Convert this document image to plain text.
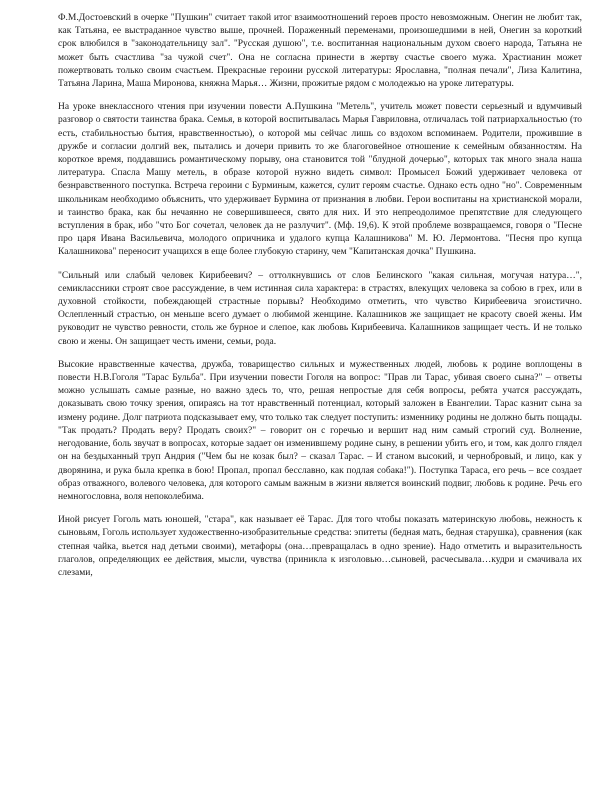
Ф.М.Достоевский в очерке "Пушкин" считает такой итог взаимоотношений героев просто невозможным. Онегин не любит так, как Татьяна, ее выстраданное чувство выше, прочней. Пораженный переменами, произошедшими в ней, Онегин за короткий срок влюбился в "законодательницу зал". "Русская душою", т.е. воспитанная национальным духом своего народа, Татьяна не может быть счастлива "за чужой счет". Она не согласна принести в жертву счастье своего мужа. Храстианин может пожертвовать только своим счастьем. Прекрасные героини русской литературы: Ярославна, "полная печали", Лиза Калитина, Татьяна Ларина, Маша Миронова, княжна Марья… Жизни, прожитые рядом с молодежью на уроке литературы.

На уроке внеклассного чтения при изучении повести А.Пушкина "Метель", учитель может повести серьезный и вдумчивый разговор о святости таинства брака. Семья, в которой воспитывалась Марья Гавриловна, отличалась той патриархальностью (то есть, стабильностью бытия, нравственностью), о которой мы сейчас лишь со вздохом вспоминаем. Родители, прожившие в дружбе и согласии долгий век, пытались и дочери привить то же благоговейное отношение к семейным обязанностям. На короткое время, поддавшись романтическому порыву, она становится той "блудной дочерью", которых так много знала наша литература. Спасла Машу метель, в образе которой нужно видеть символ: Промысел Божий удерживает человека от безнравственного поступка. Встреча героини с Бурминым, кажется, сулит героям счастье. Однако есть одно "но". Современным школьникам необходимо объяснить, что удерживает Бурмина от признания в любви. Герои воспитаны на христианской морали, и таинство брака, как бы нечаянно не совершившееся, свято для них. И это непреодолимое препятствие для следующего вступления в брак, ибо "что Бог сочетал, человек да не разлучит". (Мф. 19,6). К этой проблеме возвращаемся, говоря о "Песне про царя Ивана Васильевича, молодого опричника и удалого купца Калашникова" М. Ю. Лермонтова. "Песня про купца Калашникова" переносит учащихся в еще более глубокую старину, чем "Капитанская дочка" Пушкина.

"Сильный или слабый человек Кирибеевич? – оттолкнувшись от слов Белинского "какая сильная, могучая натура…", семиклассники строят свое рассуждение, в чем истинная сила характера: в страстях, влекущих человека за собою в грех, или в духовной стойкости, побеждающей страстные порывы? Необходимо отметить, что чувство Кирибеевича эгоистично. Ослепленный страстью, он меньше всего думает о любимой женщине. Калашников же защищает не красоту своей жены. Им руководит не чувство ревности, столь же бурное и слепое, как любовь Кирибеевича. Калашников защищает честь. И не только свою и жены. Он защищает честь имени, семьи, рода.

Высокие нравственные качества, дружба, товарищество сильных и мужественных людей, любовь к родине воплощены в повести Н.В.Гоголя "Тарас Бульба". При изучении повести Гоголя на вопрос: "Прав ли Тарас, убивая своего сына?" – ответы можно услышать самые разные, но важно здесь то, что, решая непростые для себя вопросы, ребята учатся рассуждать, доказывать свою точку зрения, опираясь на тот нравственный потенциал, который заложен в Евангелии. Тарас казнит сына за измену родине. Долг патриота подсказывает ему, что только так следует поступить: изменнику родины не должно быть пощады. "Так продать? Продать веру? Продать своих?" – говорит он с горечью и вершит над ним самый строгий суд. Волнение, негодование, боль звучат в вопросах, которые задает он изменившему родине сыну, в решении убить его, и том, как долго глядел он на бездыханный труп Андрия ("Чем бы не козак был? – сказал Тарас. – И станом высокий, и чернобровый, и лицо, как у дворянина, и рука была крепка в бою! Пропал, пропал бесславно, как подлая собака!"). Поступка Тараса, его речь – все создает образ отважного, волевого человека, для которого самым важным в жизни является воинский подвиг, любовь к родине. Речь его немногословна, воля непоколебима.

Иной рисует Гоголь мать юношей, "стара", как называет её Тарас. Для того чтобы показать материнскую любовь, нежность к сыновьям, Гоголь использует художественно-изобразительные средства: эпитеты (бедная мать, бедная старушка), сравнения (как степная чайка, вьется над детьми своими), метафоры (она…превращалась в одно зрение). Надо отметить и выразительность глаголов, определяющих ее действия, мысли, чувства (приникла к изголовью…сыновей, расчесывала…кудри и смачивала их слезами,
